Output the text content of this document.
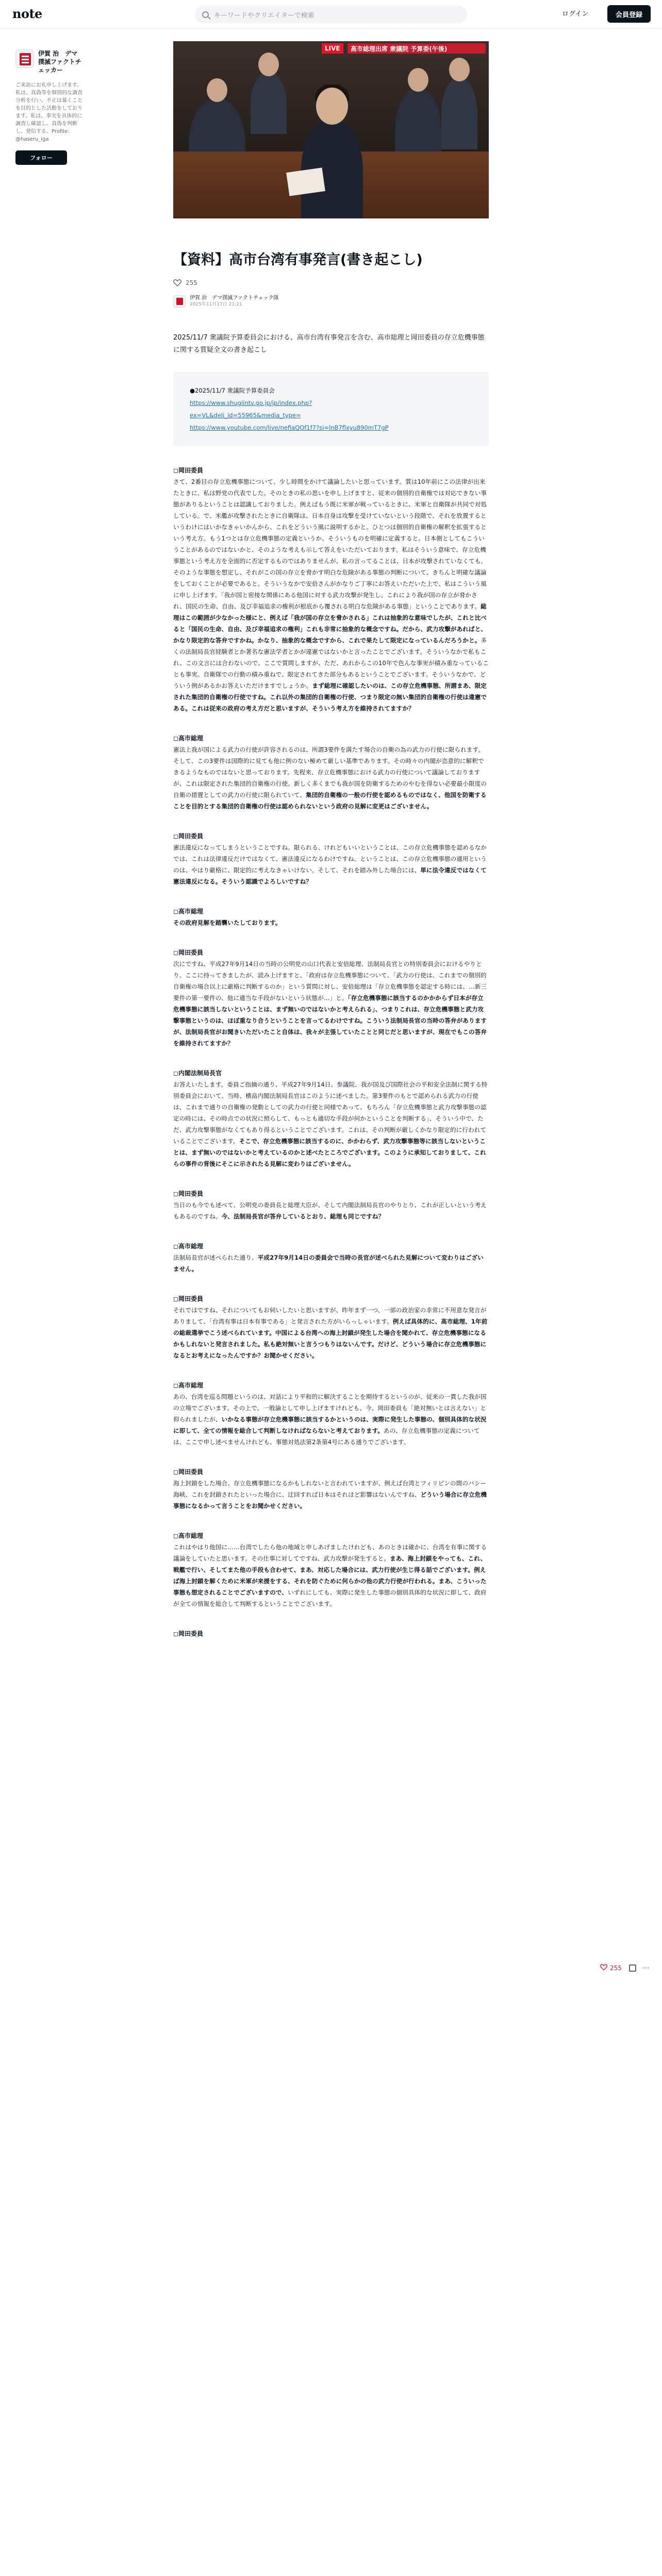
note	キーワードやクリエイターで検索	ログイン	会員登録
伊賀 治　デマ撲滅ファクトチェッカー
ご来訪にお礼申し上げます。私は、真偽等を個別的な調査分析を行い、不正は暴くことを目的とした活動をしております。私は、事実を具体的に調査し確認し、真偽を判断し、発信する。Profile：@haseru_iga
フォロー
LIVE	高市総理出席 衆議院 予算委(午後)
【資料】高市台湾有事発言(書き起こし)
255
伊賀 治　デマ撲滅ファクトチェック隊
2025年11月17日 21:21

2025/11/7 衆議院予算委員会における、高市台湾有事発言を含む、高市総理と岡田委員の存立危機事態に関する質疑全文の書き起こし

●2025/11/7 衆議院予算委員会
https://www.shugiintv.go.jp/jp/index.php?
ex=VL&deli_id=55965&media_type=
https://www.youtube.com/live/nefiaQOf1f7?si=lnB7flxyu890mT7gP
◻︎岡田委員

さて、2番目の存立危機事態について、少し時間をかけて議論したいと思っています。質は10年前にこの法律が出来たときに、私は野党の代表でした。そのときの私の思いを申し上げますと、従来の個別的自衛権では対応できない事態がありるということは認識しておりました。例えばもう既に米軍が戦っているときに、米軍と自衛隊が共同で対処している。で、米艦が攻撃されたときに自衛隊は、日本自身は攻撃を受けていないという段階で、それを放置するというわけにはいかなきゃいかんから、これをどういう風に説明するかと。ひとつは個別的自衛権の解釈を拡張するという考え方。もう1つとは存立危機事態の定義というか、そういうものを明確に定義すると。日本側としてもこういうことがあるのではないかと、そのような考えも示して答えをいただいております。私はそういう意味で、存立危機事態という考え方を全面的に否定するものではありませんが、私の言ってることは、日本が攻撃されていなくても、そのような事態を想定し、それがこの国の存立を脅かす明白な危険がある事態の判断について、きちんと明確な議論をしておくことが必要であると。そういうなかで安倍さんがかなりご丁寧にお答えいただいた上で、私はこういう風に申し上げます。「我が国と密接な関係にある他国に対する武力攻撃が発生し、これにより我が国の存立が脅かされ、国民の生命、自由、及び幸福追求の権利が根底から覆される明白な危険がある事態」ということであります。総理はこの範囲が少なかった様にと、例えば「我が国の存立を脅かされる」これは抽象的な意味でしたが、これと比べると「国民の生命、自由、及び幸福追求の権利」これも非常に抽象的な概念ですね。だから、武力攻撃があればと、かなり限定的な答弁ですかね。かなり、抽象的な概念ですから、これで果たして限定になっているんだろうかと。多くの法制局長官経験者とか著名な憲法学者とかが違憲ではないかと言ったことでございます。そういうなかで私もこれ、この文言には合わないので、ここで質問しますが、ただ、あれからこの10年で色んな事実が積み重なっていることも事実。自衛隊での行動の積み重ねで、限定されてきた部分もあるということでございます。そういうなかで、どういう例があるかお答えいただけますでしょうか。まず総理に確認したいのは、この存立危機事態、所謂まあ、限定された集団的自衛権の行使ですね。これ以外の集団的自衛権の行使、つまり限定の無い集団的自衛権の行使は違憲である。これは従来の政府の考え方だと思いますが、そういう考え方を維持されてますか？

◻︎高市総理

憲法上我が国による武力の行使が許容されるのは、所謂3要件を満たす場合の自衛の為の武力の行使に限られます。そして、この3要件は国際的に見ても他に例のない極めて厳しい基準であります。その時々の内閣が恣意的に解釈できるようなものではないと思っております。先程来、存立危機事態における武力の行使について議論しておりますが、これは限定された集団的自衛権の行使。新しく多くまでも我が国を防衛するためのやむを得ない必要最小限度の自衛の措置としての武力の行使に限られていて、集団的自衛権の一般の行使を認めるものではなく、他国を防衛することを目的とする集団的自衛権の行使は認められないという政府の見解に変更はございません。

◻︎岡田委員

憲法違反になってしまうということですね。限られる、けれどもいいということは、この存立危機事態を認めるなかでは、これは法律違反だけではなくて、憲法違反になるわけですね。ということは、この存立危機事態の適用というのは、やはり厳格に、限定的に考えなきゃいけない。そして、それを踏み外した場合には、単に法令違反ではなくて憲法違反になる。そういう認識でよろしいですね？

◻︎高市総理

その政府見解を踏襲いたしております。

◻︎岡田委員

次にですね、平成27年9月14日の当時の公明党の山口代表と安倍総理、法制局長官との特別委員会におけるやりとり。ここに持ってきましたが、読み上げますと、「政府は存立危機事態について、「武力の行使は、これまでの個別的自衛権の場合以上に厳格に判断するのか」という質問に対し、安倍総理は「存立危機事態を認定する時には、…新三要件の第一要件の、他に適当な手段がないという状態が…」と。「存立危機事態に該当するのかかからず日本が存立危機事態に該当しないということは、まず無いのではないかと考えられる」、つまりこれは、存立危機事態と武力攻撃事態というのは、ほぼ重なり合うということを言ってるわけですね。こういう法制局長官の当時の答弁がありますが、法制局長官がお聞きいただいたこと自体は、我々が主張していたことと同じだと思いますが、現在でもこの答弁を維持されてますか？

◻︎内閣法制局長官

お答えいたします。委員ご指摘の通り、平成27年9月14日、参議院、我が国及び国際社会の平和安全法制に関する特別委員会において、当時、横畠内閣法制局長官はこのように述べました。第3要件のもとで認められる武力の行使は、これまで通りの自衛権の発動としての武力の行使と同様であって、もちろん「存立危機事態と武力攻撃事態の認定の時には、その時点での状況に照らして、もっとも適切な手段が何かということを判断する」、そういう中で、ただ、武力攻撃事態がなくてもあり得るということでございます。これは、その判断が厳しくかなり限定的に行われていることでございます。そこで、存立危機事態に該当するのに、かかわらず、武力攻撃事態等に該当しないということは、まず無いのではないかと考えているのかと述べたところでございます。このように承知しておりまして、これらの事件の背後にそこに示されたる見解に変わりはございません。

◻︎岡田委員

当日のも今でも述べて、公明党の委員長と総理大臣が、そして内閣法制局長官のやりとり、これが正しいという考えもあるのですね。今、法制局長官が答弁しているとおり、総理も同じですね？

◻︎高市総理

法制局長官が述べられた通り、平成27年9月14日の委員会で当時の長官が述べられた見解について変わりはございません。

◻︎岡田委員

それではですね、それについてもお伺いしたいと思いますが、昨年まず一つ、一部の政治家の非常に不用意な発言がありまして、「台湾有事は日本有事である」と発言された方がいらっしゃいます。例えば具体的に、高市総理、1年前の総裁選挙でこう述べられています。中国による台湾への海上封鎖が発生した場合を聞かれて、存立危機事態になるかもしれないと発言されました。私も絶対無いと言うつもりはないんです。だけど、どういう場合に存立危機事態になるとお考えになったんですか？お聞かせください。

◻︎高市総理

あの、台湾を巡る問題というのは、対話により平和的に解決することを期待するというのが、従来の一貫した我が国の立場でございます。その上で、一般論として申し上げますけれども、今、岡田委員も「絶対無いとは言えない」と仰られましたが、いかなる事態が存立危機事態に該当するかというのは、実際に発生した事態の、個別具体的な状況に即して、全ての情報を総合して判断しなければならないと考えております。あの、存立危機事態の定義については、ここで申し述べませんけれども、事態対処法第2条第4号にある通りでございます。

◻︎岡田委員

海上封鎖をした場合、存立危機事態になるかもしれないと言われていますが、例えば台湾とフィリピンの間のバシー海峡、これを封鎖されたといった場合に、迂回すれば日本はそれほど影響はないんですね、どういう場合に存立危機事態になるかって言うことをお聞かせください。

◻︎高市総理

これはやはり他国に……台湾でしたら他の地域と申しあげましたけれども、あのときは確かに、台湾を有事に関する議論をしていたと思います。その仕事に対してですね、武力攻撃が発生すると。まあ、海上封鎖をやっても、これ、戦艦で行い、そしてまた他の手段も合わせて、まあ、対応した場合には、武力行使が生じ得る話でございます。例えば海上封鎖を解くために米軍が来援をする、それを防ぐために何らかの他の武力行使が行われる。まあ、こういった事態も想定されることでございますので、いずれにしても、実際に発生した事態の個別具体的な状況に即して、政府が全ての情報を総合して判断するということでございます。

◻︎岡田委員

255	⋯
